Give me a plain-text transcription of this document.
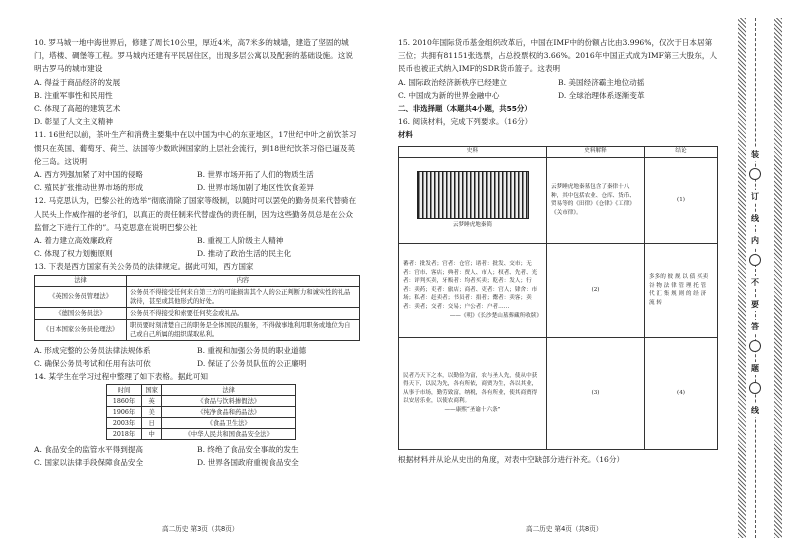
10. 罗马城一地中海世界后，修建了周长10公里，厚近4米，高7米多的城墙，建造了坚固的城门，塔楼、碉堡等工程。罗马城内还建有平民居住区，出现多层公寓以及配套的基础设施。这说明古罗马的城市建设
A. 得益于商品经济的发展
B. 注重军事性和民用性
C. 体现了高超的建筑艺术
D. 彰显了人文主义精神
11. 16世纪以前，茶叶生产和消费主要集中在以中国为中心的东亚地区，17世纪中叶之前饮茶习惯只在英国、葡萄牙、荷兰、法国等少数欧洲国家的上层社会流行，到18世纪饮茶习俗已逼及英伦三岛。这说明
A. 西方列强加紧了对中国的侵略	B. 世界市场开拓了人们的物质生活
C. 殖民扩张推动世界市场的形成	D. 世界市场加剧了地区性饮食差异
12. 马克思认为，巴黎公社的选举“彻底清除了国家等级制，以随时可以罢免的勤务员来代替骑在人民头上作威作福的老爷们，以真正的责任制来代替虚伪的责任制，因为这些勤务员总是在公众监督之下进行工作的”。马克思意在说明巴黎公社
A. 着力建立高效廉政府	B. 重视工人阶级主人精神
C. 体现了权力划衡原则	D. 推动了政治生活的民主化
13. 下表是西方国家有关公务员的法律规定。据此可知，西方国家
法律	内容
《英国公务员管理法》	公务员不得接受任何来自第三方的可能损害其个人的公正判断力和诚实性的礼品款待，甚至或其他形式的好处。
《德国公务员法》	公务员不得接受和索要任何奖金或礼品。
《日本国家公务员伦理法》	职员要时刻清楚自己的职务是全体国民的服务，不得做事地利用职务或地位为自己或自己所属的组织谋取私利。
A. 形成完整的公务员法律法规体系	B. 重视和加强公务员的职业道德
C. 确保公务员考试和任用有法可依	D. 保证了公务员队伍的公正廉明
14. 某学生在学习过程中整理了如下表格。据此可知
时间	国家	法律
1860年	英	《食品与饮料掺假法》
1906年	美	《纯净食品和药品法》
2003年	日	《食品卫生法》
2018年	中	《中华人民共和国食品安全法》
A. 食品安全的监管水平得到提高	B. 终绝了食品安全事故的发生
C. 国家以法律手段保障食品安全	D. 世界各国政府重视食品安全
15. 2010年国际货币基金组织改革后，中国在IMF中的份额占比由3.996%，仅次于日本居第三位；共拥有81151张选票，占总投票权的3.66%。2016年中国正式成为IMF第三大股东，人民币也被正式纳入IMF的SDR货币篮子。这表明
A. 国际政治经济新秩序已经建立	B. 美国经济霸主地位动摇
C. 中国成为新的世界金融中心	D. 全球治理体系逐渐变革
二、非选择题（本题共4小题，共55分）
16. 阅读材料，完成下列要求。（16分）
材料
史料	史料解释	结论

云梦睡虎地秦简	云梦睡虎地秦墓包含了秦律十八种，其中包括农业、仓库、货币、贸易等的《田律》《仓律》《工律》《关市律》。	(1)

蕃者：批发者；官者：仓官；诸者：批发、交市；无者：官市、客店；典者：贾人、市人；权者、先者、光者：评判买卖，牙贩者：均者买卖；乾者：发人；行者：卖药；吏者：旅店；商者、吏者：官人；肄舍：市场；私者：赶卖者；书员者：捐者；鬻者：卖客；卖者：卖者；交者：交易；户公者：户者……
——《明》《长沙楚山墓葬藏所收牍》	(2)	多多的 彼 规 以 债 买卖谷 物 法 律 管 理 托 管 代 汇 集 规 则 的 经 济 流 转

民者乃天下之本，以勤俭为富，农与圣人先，使从中获得天下，以民为先，各有所依，商贾为生，各以其业，从事于市场，勤劳致富，纳税，各有所业，使其商贾得以安居乐业，以使农商利。
——康熙“圣谕十六条”	(3)	(4)
根据材料并从论从史出的角度，对表中空缺部分进行补充。（16分）
高二历史 第3页（共8页）	高二历史 第4页（共8页）
装
订
线
内
不
要
答
题
线
